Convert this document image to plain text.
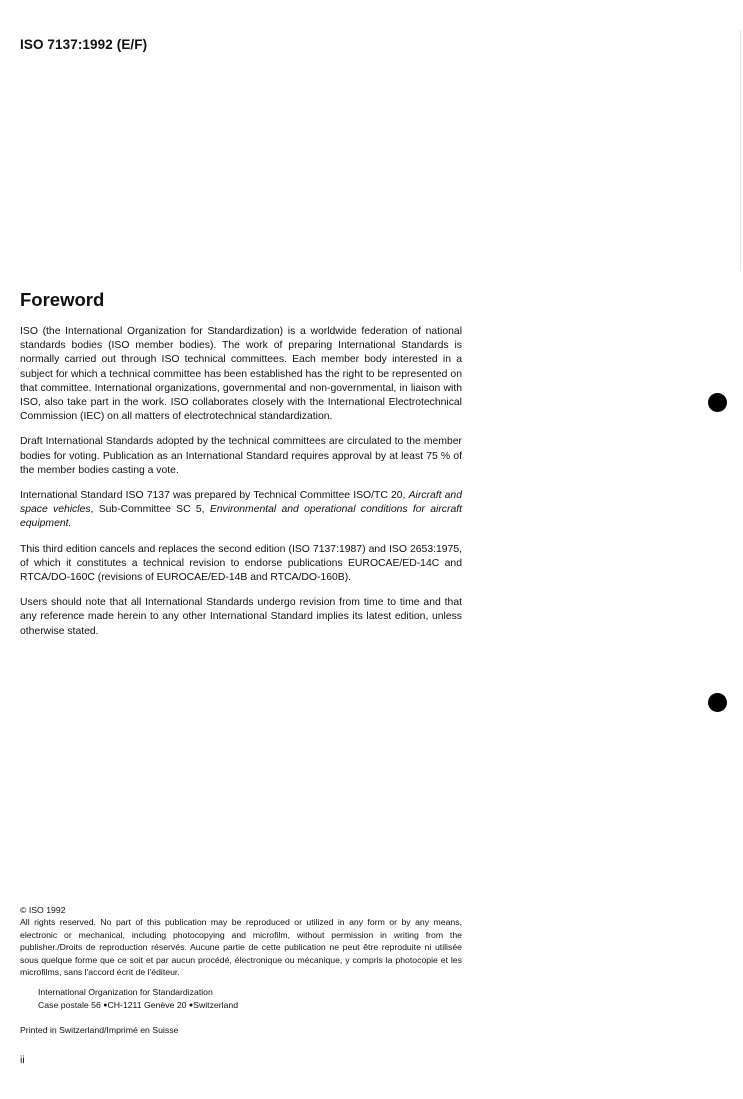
ISO 7137:1992 (E/F)
Foreword

ISO (the International Organization for Standardization) is a worldwide federation of national standards bodies (ISO member bodies). The work of preparing International Standards is normally carried out through ISO technical committees. Each member body interested in a subject for which a technical committee has been established has the right to be represented on that committee. International organizations, governmental and non-governmental, in liaison with ISO, also take part in the work. ISO collaborates closely with the International Electrotechnical Commission (IEC) on all matters of electrotechnical standardization.

Draft International Standards adopted by the technical committees are circulated to the member bodies for voting. Publication as an International Standard requires approval by at least 75 % of the member bodies casting a vote.

International Standard ISO 7137 was prepared by Technical Committee ISO/TC 20, Aircraft and space vehicles, Sub-Committee SC 5, Environmental and operational conditions for aircraft equipment.

This third edition cancels and replaces the second edition (ISO 7137:1987) and ISO 2653:1975, of which it constitutes a technical revision to endorse publications EUROCAE/ED-14C and RTCA/DO-160C (revisions of EUROCAE/ED-14B and RTCA/DO-160B).

Users should note that all International Standards undergo revision from time to time and that any reference made herein to any other International Standard implies its latest edition, unless otherwise stated.

© ISO 1992

All rights reserved. No part of this publication may be reproduced or utilized in any form or by any means, electronic or mechanical, including photocopying and microfilm, without permission in writing from the publisher./Droits de reproduction réservés. Aucune partie de cette publication ne peut être reproduite ni utilisée sous quelque forme que ce soit et par aucun procédé, électronique ou mécanique, y compris la photocopie et les microfilms, sans l'accord écrit de l'éditeur.

International Organization for Standardization
Case postale 56 ●CH-1211 Genève 20 ●Switzerland

Printed in Switzerland/Imprimé en Suisse

ii
